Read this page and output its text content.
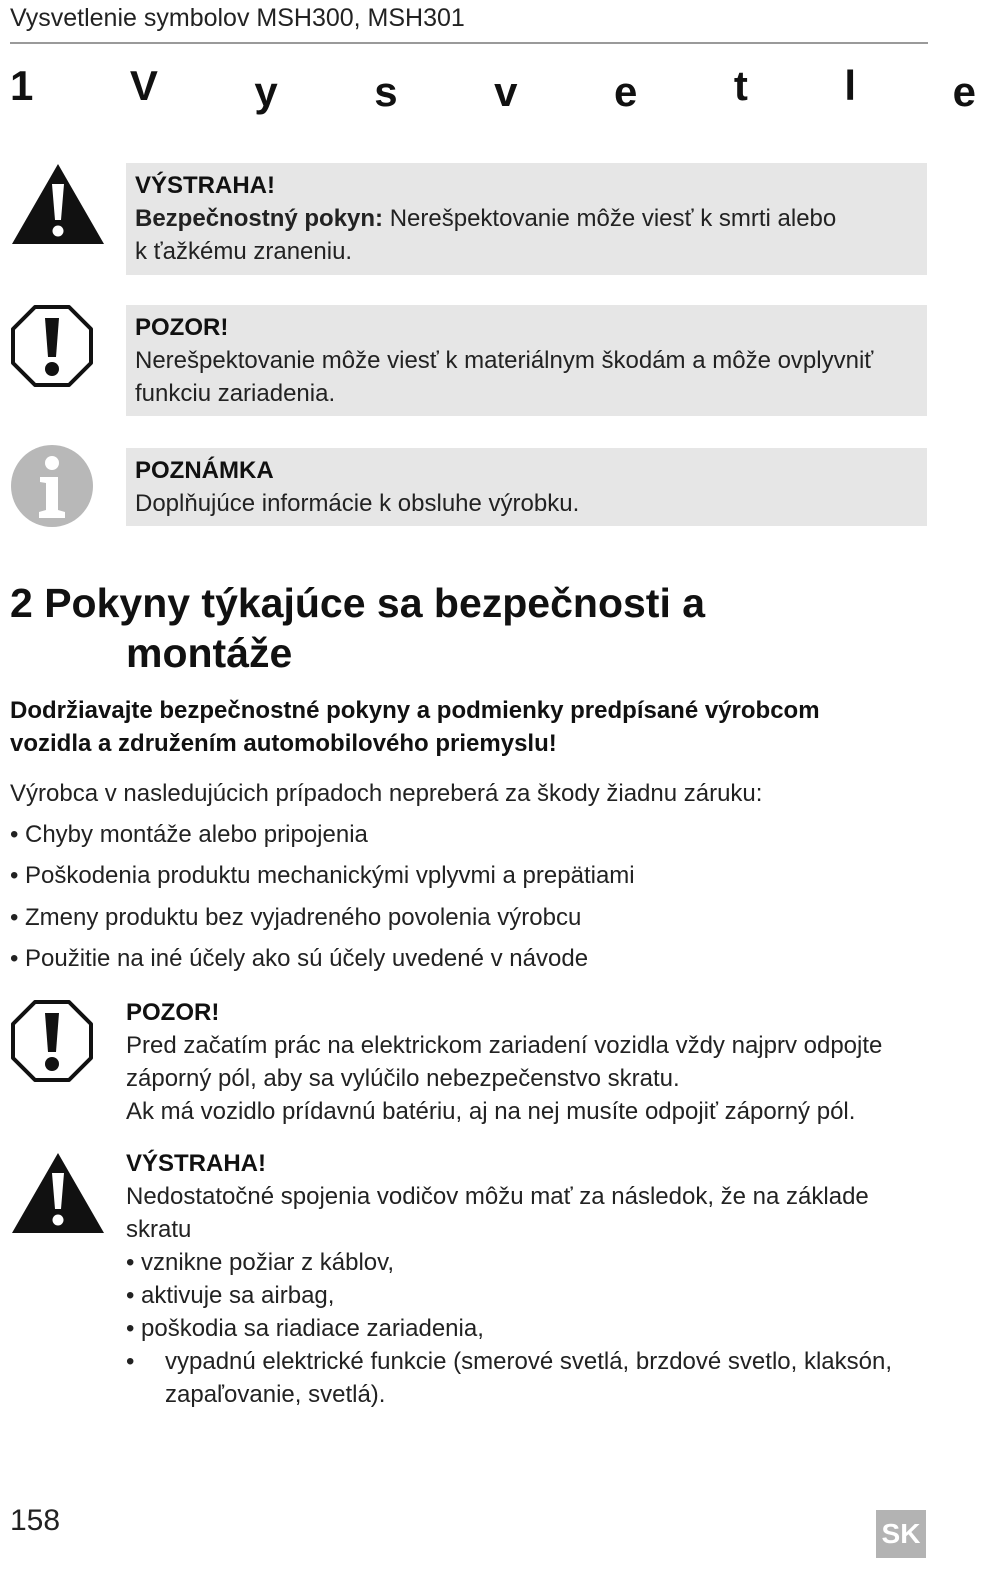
Vysvetlenie symbolov MSH300, MSH301
1 V y s v e t l e
VÝSTRAHA!
Bezpečnostný pokyn: Nerešpektovanie môže viesť k smrti alebo
k ťažkému zraneniu.
POZOR!
Nerešpektovanie môže viesť k materiálnym škodám a môže ovplyvniť
funkciu zariadenia.
POZNÁMKA
Doplňujúce informácie k obsluhe výrobku.
2 Pokyny týkajúce sa bezpečnosti a
montáže
Dodržiavajte bezpečnostné pokyny a podmienky predpísané výrobcom
vozidla a združením automobilového priemyslu!
Výrobca v nasledujúcich prípadoch nepreberá za škody žiadnu záruku:
• Chyby montáže alebo pripojenia
• Poškodenia produktu mechanickými vplyvmi a prepätiami
• Zmeny produktu bez vyjadreného povolenia výrobcu
• Použitie na iné účely ako sú účely uvedené v návode
POZOR!
Pred začatím prác na elektrickom zariadení vozidla vždy najprv odpojte
záporný pól, aby sa vylúčilo nebezpečenstvo skratu.
Ak má vozidlo prídavnú batériu, aj na nej musíte odpojiť záporný pól.
VÝSTRAHA!
Nedostatočné spojenia vodičov môžu mať za následok, že na základe
skratu
• vznikne požiar z káblov,
• aktivuje sa airbag,
• poškodia sa riadiace zariadenia,
• vypadnú elektrické funkcie (smerové svetlá, brzdové svetlo, klaksón,
zapaľovanie, svetlá).
158	SK
